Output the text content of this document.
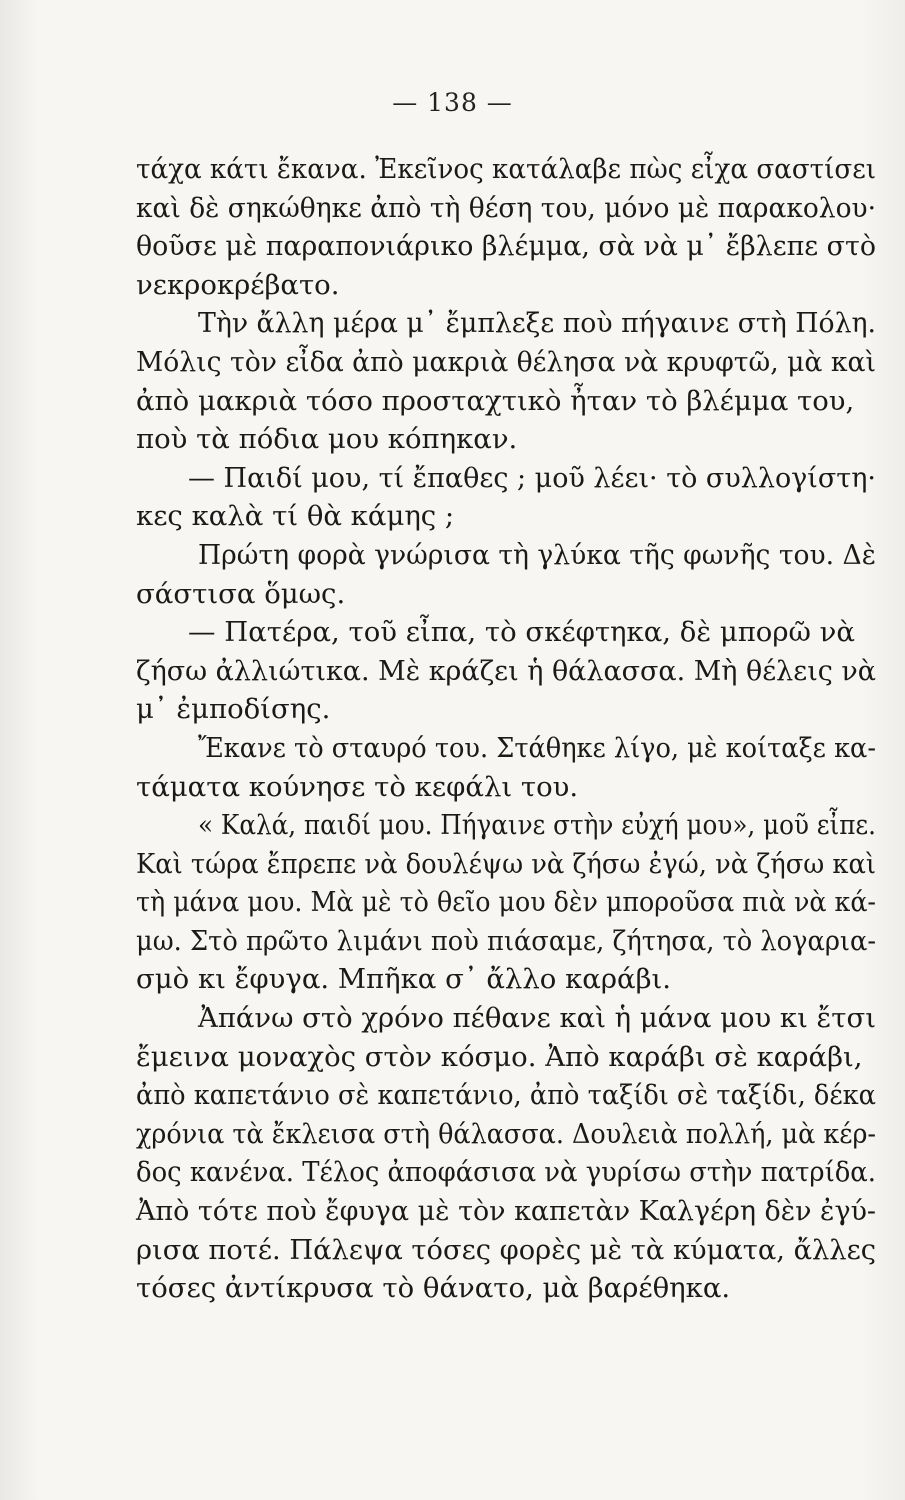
— 138 —
τάχα κάτι ἔκανα. Ἐκεῖνος κατάλαβε πὼς εἶχα σαστίσει
καὶ δὲ σηκώθηκε ἀπὸ τὴ θέση του, μόνο μὲ παρακολου·
θοῦσε μὲ παραπονιάρικο βλέμμα, σὰ νὰ μ᾿ ἔβλεπε στὸ
νεκροκρέβατο.
Τὴν ἄλλη μέρα μ᾿ ἔμπλεξε ποὺ πήγαινε στὴ Πόλη.
Μόλις τὸν εἶδα ἀπὸ μακριὰ θέλησα νὰ κρυφτῶ, μὰ καὶ
ἀπὸ μακριὰ τόσο προσταχτικὸ ἦταν τὸ βλέμμα του,
ποὺ τὰ πόδια μου κόπηκαν.
— Παιδί μου, τί ἔπαθες ; μοῦ λέει· τὸ συλλογίστη·
κες καλὰ τί θὰ κάμης ;
Πρώτη φορὰ γνώρισα τὴ γλύκα τῆς φωνῆς του. Δὲ
σάστισα ὅμως.
— Πατέρα, τοῦ εἶπα, τὸ σκέφτηκα, δὲ μπορῶ νὰ
ζήσω ἀλλιώτικα. Μὲ κράζει ἡ θάλασσα. Μὴ θέλεις νὰ
μ᾿ ἐμποδίσης.
Ἔκανε τὸ σταυρό του. Στάθηκε λίγο, μὲ κοίταξε κα-
τάματα κούνησε τὸ κεφάλι του.
« Καλά, παιδί μου. Πήγαινε στὴν εὐχή μου», μοῦ εἶπε.
Καὶ τώρα ἔπρεπε νὰ δουλέψω νὰ ζήσω ἐγώ, νὰ ζήσω καὶ
τὴ μάνα μου. Μὰ μὲ τὸ θεῖο μου δὲν μποροῦσα πιὰ νὰ κά-
μω. Στὸ πρῶτο λιμάνι ποὺ πιάσαμε, ζήτησα, τὸ λογαρια-
σμὸ κι ἔφυγα. Μπῆκα σ᾿ ἄλλο καράβι.
Ἀπάνω στὸ χρόνο πέθανε καὶ ἡ μάνα μου κι ἔτσι
ἔμεινα μοναχὸς στὸν κόσμο. Ἀπὸ καράβι σὲ καράβι,
ἀπὸ καπετάνιο σὲ καπετάνιο, ἀπὸ ταξίδι σὲ ταξίδι, δέκα
χρόνια τὰ ἔκλεισα στὴ θάλασσα. Δουλειὰ πολλή, μὰ κέρ-
δος κανένα. Τέλος ἀποφάσισα νὰ γυρίσω στὴν πατρίδα.
Ἀπὸ τότε ποὺ ἔφυγα μὲ τὸν καπετὰν Καλγέρη δὲν ἐγύ-
ρισα ποτέ. Πάλεψα τόσες φορὲς μὲ τὰ κύματα, ἄλλες
τόσες ἀντίκρυσα τὸ θάνατο, μὰ βαρέθηκα.
